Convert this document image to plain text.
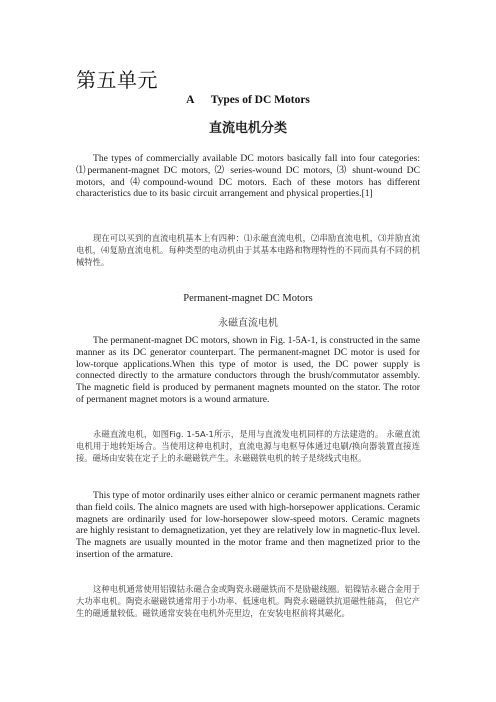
第五单元
A      Types of DC Motors
直流电机分类

The types of commercially available DC motors basically fall into four categories: ⑴permanent-magnet DC motors, ⑵ series-wound DC motors, ⑶ shunt-wound DC motors, and ⑷compound-wound DC motors. Each of these motors has different characteristics due to its basic circuit arrangement and physical properties.[1]

现在可以买到的直流电机基本上有四种：⑴永磁直流电机，⑵串励直流电机，⑶并励直流电机，⑷复励直流电机。每种类型的电动机由于其基本电路和物理特性的不同而具有不同的机械特性。

Permanent-magnet DC Motors
永磁直流电机

The permanent-magnet DC motors, shown in Fig. 1-5A-1, is constructed in the same manner as its DC generator counterpart. The permanent-magnet DC motor is used for low-torque applications.When this type of motor is used, the DC power supply is connected directly to the armature conductors through the brush/commutator assembly. The magnetic field is produced by permanent magnets mounted on the stator. The rotor of permanent magnet motors is a wound armature.

永磁直流电机，如图Fig. 1-5A-1所示，是用与直流发电机同样的方法建造的。 永磁直流电机用于地转矩场合。当使用这种电机时，直流电源与电枢导体通过电刷/换向器装置直接连接。磁场由安装在定子上的永磁磁铁产生。永磁磁铁电机的转子是绕线式电枢。

This type of motor ordinarily uses either alnico or ceramic permanent magnets rather than field coils. The alnico magnets are used with high-horsepower applications. Ceramic magnets are ordinarily used for low-horsepower slow-speed motors. Ceramic magnets are highly resistant to demagnetization, yet they are relatively low in magnetic-flux level. The magnets are usually mounted in the motor frame and then magnetized prior to the insertion of the armature.

这种电机通常使用铝镍钴永磁合金或陶瓷永磁磁铁而不是励磁线圈。铝镍钴永磁合金用于大功率电机。陶瓷永磁磁铁通常用于小功率、低速电机。陶瓷永磁磁铁抗退磁性能高， 但它产生的磁通量较低。磁铁通常安装在电机外壳里边，在安装电枢前将其磁化。
